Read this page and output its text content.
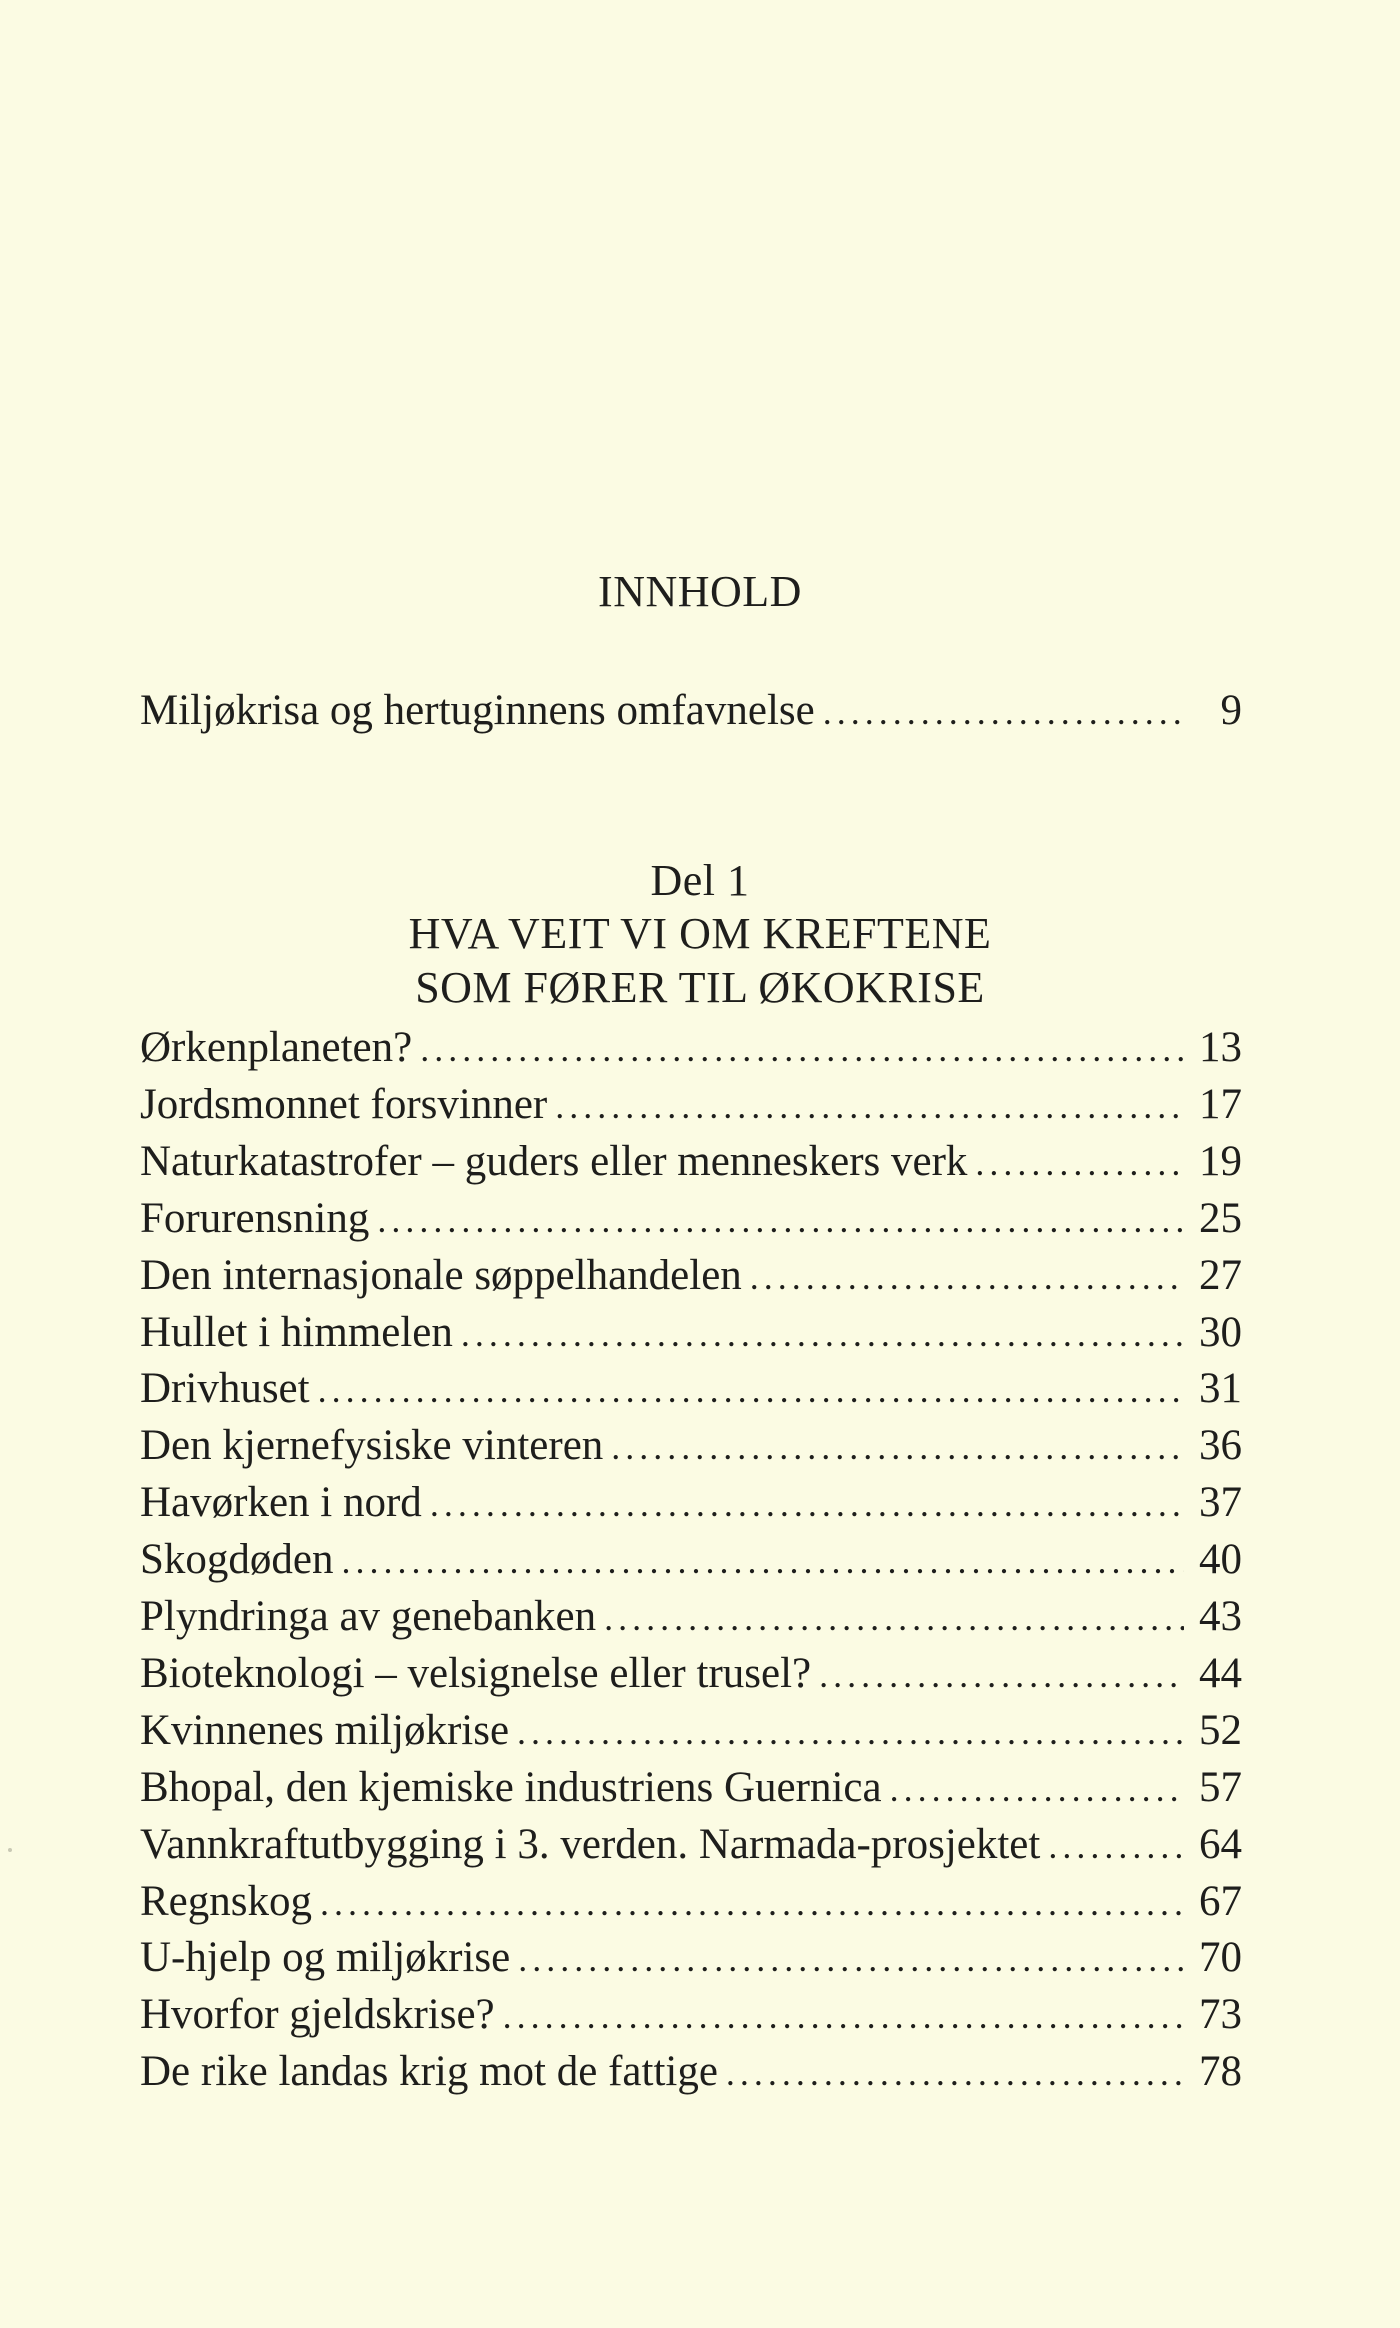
INNHOLD
Miljøkrisa og hertuginnens omfavnelse . . .	9
Del 1
HVA VEIT VI OM KREFTENE
SOM FØRER TIL ØKOKRISE
Ørkenplaneten? . . .	13
Jordsmonnet forsvinner . . .	17
Naturkatastrofer – guders eller menneskers verk . . .	19
Forurensning . . .	25
Den internasjonale søppelhandelen . . .	27
Hullet i himmelen . . .	30
Drivhuset . . .	31
Den kjernefysiske vinteren . . .	36
Havørken i nord . . .	37
Skogdøden . . .	40
Plyndringa av genebanken . . .	43
Bioteknologi – velsignelse eller trusel? . . .	44
Kvinnenes miljøkrise . . .	52
Bhopal, den kjemiske industriens Guernica . . .	57
Vannkraftutbygging i 3. verden. Narmada-prosjektet . . .	64
Regnskog . . .	67
U-hjelp og miljøkrise . . .	70
Hvorfor gjeldskrise? . . .	73
De rike landas krig mot de fattige . . .	78
